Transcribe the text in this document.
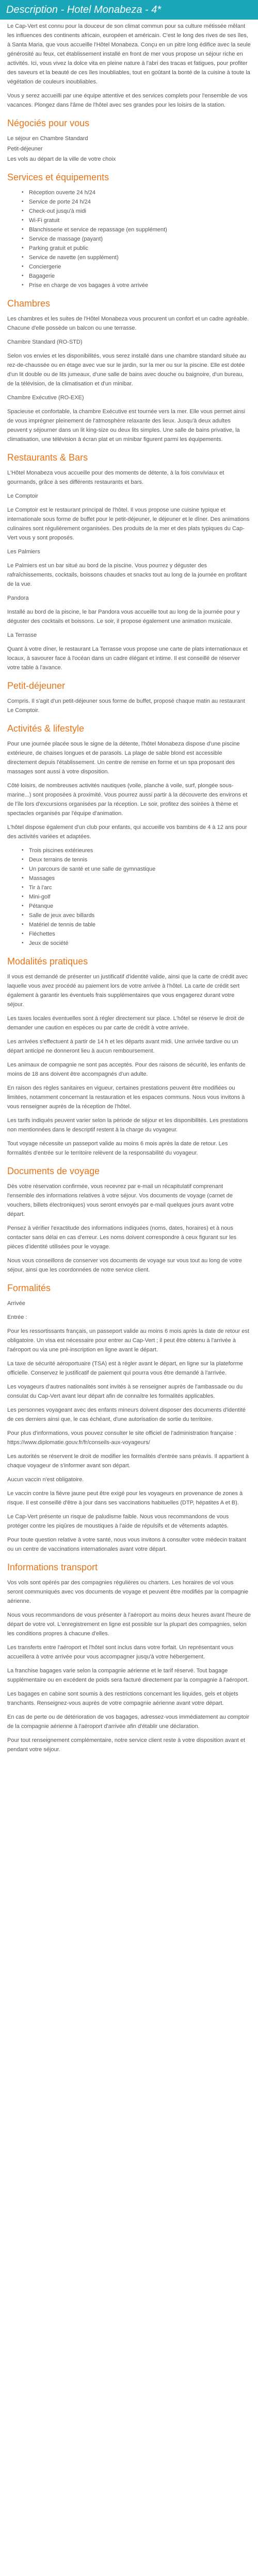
Description - Hotel Monabeza - 4*

Le Cap-Vert est connu pour la douceur de son climat commun pour sa culture métissée mêlant les influences des continents africain, européen et américain. C'est le long des rives de ses îles, à Santa Maria, que vous accueille l'Hôtel Monabeza. Conçu en un pitre long édifice avec la seule générosité au feux, cet établissement installé en front de mer vous propose un séjour riche en activités. Ici, vous vivez la dolce vita en pleine nature à l'abri des tracas et fatigues, pour profiter des saveurs et la beauté de ces îles inoubliables, tout en goûtant la bonté de la cuisine à toute la végétation de couleurs inoubliables.

Vous y serez accueilli par une équipe attentive et des services complets pour l'ensemble de vos vacances. Plongez dans l'âme de l'hôtel avec ses grandes pour les loisirs de la station.

Négociés pour vous

Le séjour en Chambre Standard

Petit-déjeuner

Les vols au départ de la ville de votre choix

Services et équipements
• Réception ouverte 24 h/24
• Service de porte 24 h/24
• Check-out jusqu'à midi
• Wi-Fi gratuit
• Blanchisserie et service de repassage (en supplément)
• Service de massage (payant)
• Parking gratuit et public
• Service de navette (en supplément)
• Conciergerie
• Bagagerie
• Prise en charge de vos bagages à votre arrivée
Chambres

Les chambres et les suites de l'Hôtel Monabeza vous procurent un confort et un cadre agréable. Chacune d'elle possède un balcon ou une terrasse.

Chambre Standard (RO-STD)

Selon vos envies et les disponibilités, vous serez installé dans une chambre standard située au rez-de-chaussée ou en étage avec vue sur le jardin, sur la mer ou sur la piscine. Elle est dotée d'un lit double ou de lits jumeaux, d'une salle de bains avec douche ou baignoire, d'un bureau, de la télévision, de la climatisation et d'un minibar.

Chambre Exécutive (RO-EXE)

Spacieuse et confortable, la chambre Exécutive est tournée vers la mer. Elle vous permet ainsi de vous imprégner pleinement de l'atmosphère relaxante des lieux. Jusqu'à deux adultes peuvent y séjourner dans un lit king-size ou deux lits simples. Une salle de bains privative, la climatisation, une télévision à écran plat et un minibar figurent parmi les équipements.

Restaurants & Bars

L'Hôtel Monabeza vous accueille pour des moments de détente, à la fois conviviaux et gourmands, grâce à ses différents restaurants et bars.

Le Comptoir

Le Comptoir est le restaurant principal de l'hôtel. Il vous propose une cuisine typique et internationale sous forme de buffet pour le petit-déjeuner, le déjeuner et le dîner. Des animations culinaires sont régulièrement organisées. Des produits de la mer et des plats typiques du Cap-Vert vous y sont proposés.

Les Palmiers

Le Palmiers est un bar situé au bord de la piscine. Vous pourrez y déguster des rafraîchissements, cocktails, boissons chaudes et snacks tout au long de la journée en profitant de la vue.

Pandora

Installé au bord de la piscine, le bar Pandora vous accueille tout au long de la journée pour y déguster des cocktails et boissons. Le soir, il propose également une animation musicale.

La Terrasse

Quant à votre dîner, le restaurant La Terrasse vous propose une carte de plats internationaux et locaux, à savourer face à l'océan dans un cadre élégant et intime. Il est conseillé de réserver votre table à l'avance.

Petit-déjeuner

Compris. Il s'agit d'un petit-déjeuner sous forme de buffet, proposé chaque matin au restaurant Le Comptoir.

Activités & lifestyle

Pour une journée placée sous le signe de la détente, l'hôtel Monabeza dispose d'une piscine extérieure, de chaises longues et de parasols. La plage de sable blond est accessible directement depuis l'établissement. Un centre de remise en forme et un spa proposant des massages sont aussi à votre disposition.

Côté loisirs, de nombreuses activités nautiques (voile, planche à voile, surf, plongée sous-marine...) sont proposées à proximité. Vous pourrez aussi partir à la découverte des environs et de l'île lors d'excursions organisées par la réception. Le soir, profitez des soirées à thème et spectacles organisés par l'équipe d'animation.

L'hôtel dispose également d'un club pour enfants, qui accueille vos bambins de 4 à 12 ans pour des activités variées et adaptées.

• Trois piscines extérieures
• Deux terrains de tennis
• Un parcours de santé et une salle de gymnastique
• Massages
• Tir à l'arc
• Mini-golf
• Pétanque
• Salle de jeux avec billards
• Matériel de tennis de table
• Fléchettes
• Jeux de société
Modalités pratiques

Il vous est demandé de présenter un justificatif d'identité valide, ainsi que la carte de crédit avec laquelle vous avez procédé au paiement lors de votre arrivée à l'hôtel. La carte de crédit sert également à garantir les éventuels frais supplémentaires que vous engagerez durant votre séjour.

Les taxes locales éventuelles sont à régler directement sur place. L'hôtel se réserve le droit de demander une caution en espèces ou par carte de crédit à votre arrivée.

Les arrivées s'effectuent à partir de 14 h et les départs avant midi. Une arrivée tardive ou un départ anticipé ne donneront lieu à aucun remboursement.

Les animaux de compagnie ne sont pas acceptés. Pour des raisons de sécurité, les enfants de moins de 18 ans doivent être accompagnés d'un adulte.

En raison des règles sanitaires en vigueur, certaines prestations peuvent être modifiées ou limitées, notamment concernant la restauration et les espaces communs. Nous vous invitons à vous renseigner auprès de la réception de l'hôtel.

Les tarifs indiqués peuvent varier selon la période de séjour et les disponibilités. Les prestations non mentionnées dans le descriptif restent à la charge du voyageur.

Tout voyage nécessite un passeport valide au moins 6 mois après la date de retour. Les formalités d'entrée sur le territoire relèvent de la responsabilité du voyageur.

Documents de voyage

Dès votre réservation confirmée, vous recevrez par e-mail un récapitulatif comprenant l'ensemble des informations relatives à votre séjour. Vos documents de voyage (carnet de vouchers, billets électroniques) vous seront envoyés par e-mail quelques jours avant votre départ.

Pensez à vérifier l'exactitude des informations indiquées (noms, dates, horaires) et à nous contacter sans délai en cas d'erreur. Les noms doivent correspondre à ceux figurant sur les pièces d'identité utilisées pour le voyage.

Nous vous conseillons de conserver vos documents de voyage sur vous tout au long de votre séjour, ainsi que les coordonnées de notre service client.

Formalités

Arrivée

Entrée :

Pour les ressortissants français, un passeport valide au moins 6 mois après la date de retour est obligatoire. Un visa est nécessaire pour entrer au Cap-Vert ; il peut être obtenu à l'arrivée à l'aéroport ou via une pré-inscription en ligne avant le départ.

La taxe de sécurité aéroportuaire (TSA) est à régler avant le départ, en ligne sur la plateforme officielle. Conservez le justificatif de paiement qui pourra vous être demandé à l'arrivée.

Les voyageurs d'autres nationalités sont invités à se renseigner auprès de l'ambassade ou du consulat du Cap-Vert avant leur départ afin de connaître les formalités applicables.

Les personnes voyageant avec des enfants mineurs doivent disposer des documents d'identité de ces derniers ainsi que, le cas échéant, d'une autorisation de sortie du territoire.

Pour plus d'informations, vous pouvez consulter le site officiel de l'administration française : https://www.diplomatie.gouv.fr/fr/conseils-aux-voyageurs/

Les autorités se réservent le droit de modifier les formalités d'entrée sans préavis. Il appartient à chaque voyageur de s'informer avant son départ.

Aucun vaccin n'est obligatoire.

Le vaccin contre la fièvre jaune peut être exigé pour les voyageurs en provenance de zones à risque. Il est conseillé d'être à jour dans ses vaccinations habituelles (DTP, hépatites A et B).

Le Cap-Vert présente un risque de paludisme faible. Nous vous recommandons de vous protéger contre les piqûres de moustiques à l'aide de répulsifs et de vêtements adaptés.

Pour toute question relative à votre santé, nous vous invitons à consulter votre médecin traitant ou un centre de vaccinations internationales avant votre départ.

Informations transport

Vos vols sont opérés par des compagnies régulières ou charters. Les horaires de vol vous seront communiqués avec vos documents de voyage et peuvent être modifiés par la compagnie aérienne.

Nous vous recommandons de vous présenter à l'aéroport au moins deux heures avant l'heure de départ de votre vol. L'enregistrement en ligne est possible sur la plupart des compagnies, selon les conditions propres à chacune d'elles.

Les transferts entre l'aéroport et l'hôtel sont inclus dans votre forfait. Un représentant vous accueillera à votre arrivée pour vous accompagner jusqu'à votre hébergement.

La franchise bagages varie selon la compagnie aérienne et le tarif réservé. Tout bagage supplémentaire ou en excédent de poids sera facturé directement par la compagnie à l'aéroport.

Les bagages en cabine sont soumis à des restrictions concernant les liquides, gels et objets tranchants. Renseignez-vous auprès de votre compagnie aérienne avant votre départ.

En cas de perte ou de détérioration de vos bagages, adressez-vous immédiatement au comptoir de la compagnie aérienne à l'aéroport d'arrivée afin d'établir une déclaration.

Pour tout renseignement complémentaire, notre service client reste à votre disposition avant et pendant votre séjour.
